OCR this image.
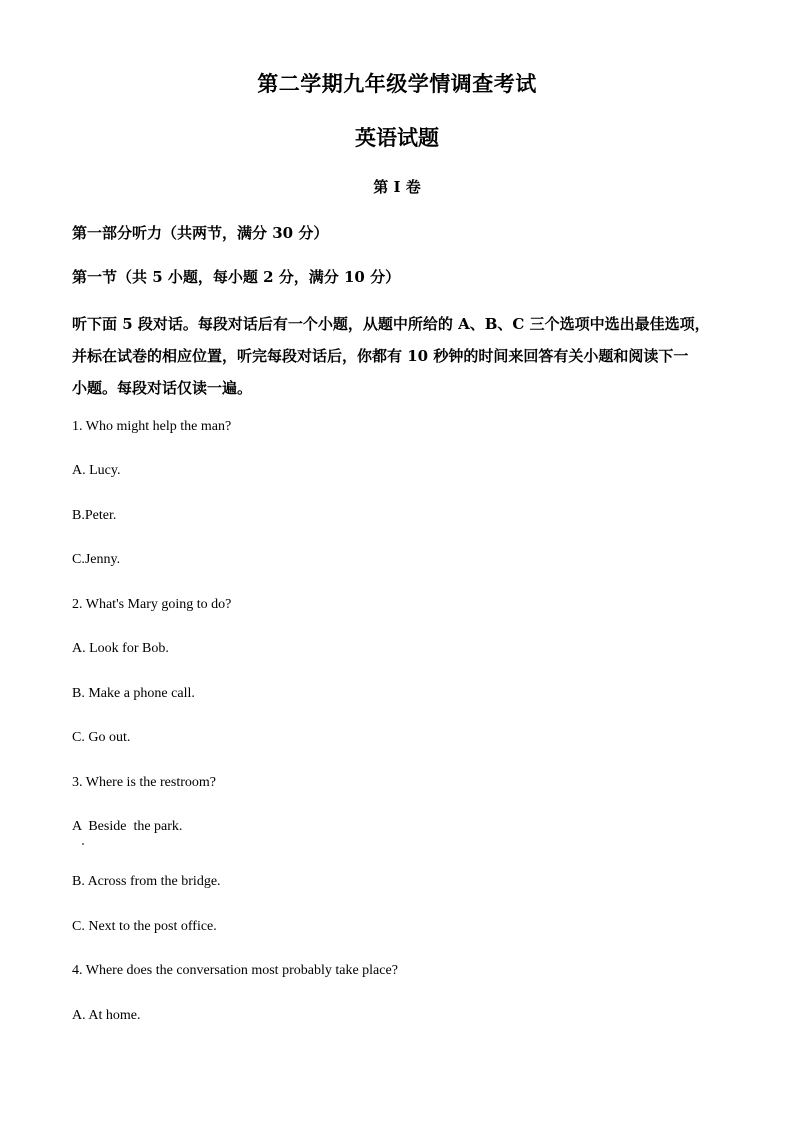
第二学期九年级学情调查考试
英语试题
第 I 卷
第一部分听力（共两节，满分 30 分）
第一节（共 5 小题，每小题 2 分，满分 10 分）
听下面 5 段对话。每段对话后有一个小题，从题中所给的 A、B、C 三个选项中选出最佳选项，
并标在试卷的相应位置，听完每段对话后，你都有 10 秒钟的时间来回答有关小题和阅读下一
小题。每段对话仅读一遍。
1. Who might help the man?
A. Lucy.
B.Peter.
C.Jenny.
2. What's Mary going to do?
A. Look for Bob.
B. Make a phone call.
C. Go out.
3. Where is the restroom?
A  Beside  the park.
B. Across from the bridge.
C. Next to the post office.
4. Where does the conversation most probably take place?
A. At home.
